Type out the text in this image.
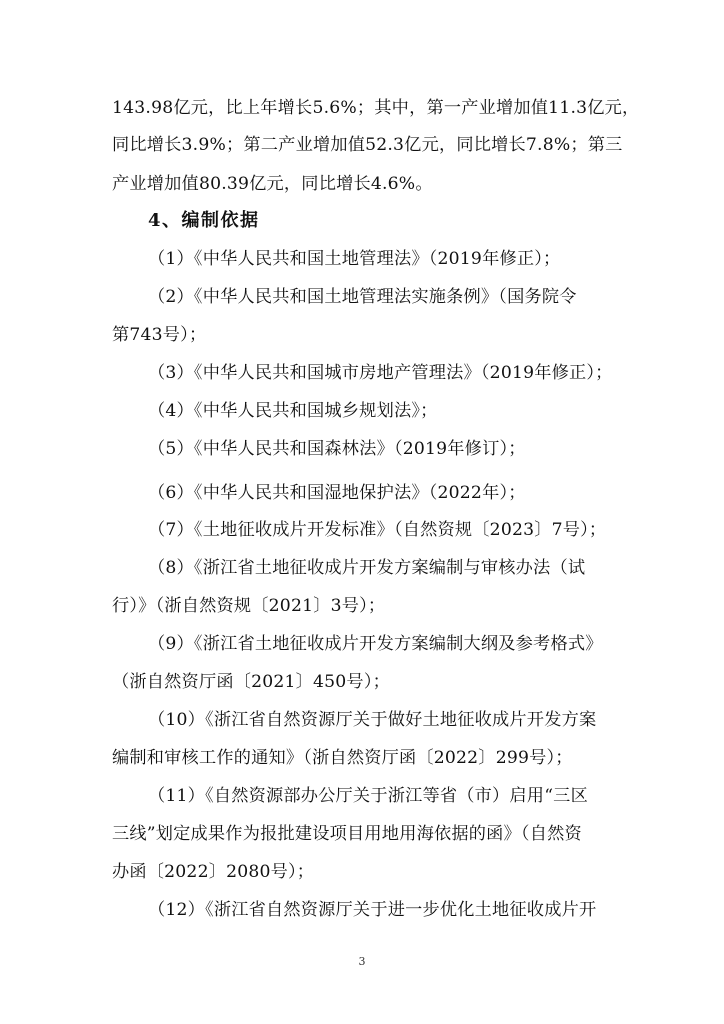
143.98亿元，比上年增长5.6%；其中，第一产业增加值11.3亿元，
同比增长3.9%；第二产业增加值52.3亿元，同比增长7.8%；第三
产业增加值80.39亿元，同比增长4.6%。
4、编制依据
（1）《中华人民共和国土地管理法》（2019年修正）；
（2）《中华人民共和国土地管理法实施条例》（国务院令
第743号）；
（3）《中华人民共和国城市房地产管理法》（2019年修正）；
（4）《中华人民共和国城乡规划法》；
（5）《中华人民共和国森林法》（2019年修订）；
（6）《中华人民共和国湿地保护法》（2022年）；
（7）《土地征收成片开发标准》（自然资规〔2023〕7号）；
（8）《浙江省土地征收成片开发方案编制与审核办法（试
行）》（浙自然资规〔2021〕3号）；
（9）《浙江省土地征收成片开发方案编制大纲及参考格式》
（浙自然资厅函〔2021〕450号）；
（10）《浙江省自然资源厅关于做好土地征收成片开发方案
编制和审核工作的通知》（浙自然资厅函〔2022〕299号）；
（11）《自然资源部办公厅关于浙江等省（市）启用“三区
三线”划定成果作为报批建设项目用地用海依据的函》（自然资
办函〔2022〕2080号）；
（12）《浙江省自然资源厅关于进一步优化土地征收成片开
3
